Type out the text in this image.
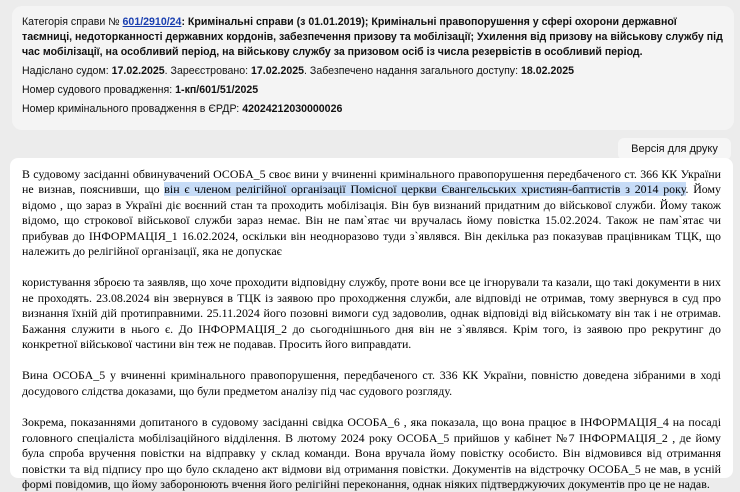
Категорія справи № 601/2910/24: Кримінальні справи (з 01.01.2019); Кримінальні правопорушення у сфері охорони державної таємниці, недоторканності державних кордонів, забезпечення призову та мобілізації; Ухилення від призову на військову службу під час мобілізації, на особливий період, на військову службу за призовом осіб із числа резервістів в особливий період.
Надіслано судом: 17.02.2025. Зареєстровано: 17.02.2025. Забезпечено надання загального доступу: 18.02.2025
Номер судового провадження: 1-кп/601/51/2025
Номер кримінального провадження в ЄРДР: 42024212030000026
Версія для друку

В судовому засіданні обвинувачений ОСОБА_5 своє вини у вчиненні кримінального правопорушення передбаченого ст. 366 КК України не визнав, пояснивши, що він є членом релігійної організації Помісної церкви Євангельських християн-баптистів з 2014 року. Йому відомо , що зараз в Україні діє воєнний стан та проходить мобілізація. Він був визнаний придатним до військової служби. Йому також відомо, що строкової військової служби зараз немає. Він не пам`ятає чи вручалась йому повістка 15.02.2024. Також не пам`ятає чи прибував до ІНФОРМАЦІЯ_1 16.02.2024, оскільки він неодноразово туди з`являвся. Він декілька раз показував працівникам ТЦК, що належить до релігійної організації, яка не допускає

користування зброєю та заявляв, що хоче проходити відповідну службу, проте вони все це ігнорували та казали, що такі документи в них не проходять. 23.08.2024 він звернувся в ТЦК із заявою про проходження служби, але відповіді не отримав, тому звернувся в суд про визнання їхній дій протиправними. 25.11.2024 його позовні вимоги суд задоволив, однак відповіді від військомату він так і не отримав. Бажання служити в нього є. До ІНФОРМАЦІЯ_2 до сьогоднішнього дня він не з`являвся. Крім того, із заявою про рекрутинг до конкретної військової частини він теж не подавав. Просить його виправдати.

Вина ОСОБА_5 у вчиненні кримінального правопорушення, передбаченого ст. 336 КК України, повністю доведена зібраними в ході досудового слідства доказами, що були предметом аналізу під час судового розгляду.

Зокрема, показаннями допитаного в судовому засіданні свідка ОСОБА_6 , яка показала, що вона працює в ІНФОРМАЦІЯ_4 на посаді головного спеціаліста мобілізаційного відділення. В лютому 2024 року ОСОБА_5 прийшов у кабінет №7 ІНФОРМАЦІЯ_2 , де йому була спроба вручення повістки на відправку у склад команди. Вона вручала йому повістку особисто. Він відмовився від отримання повістки та від підпису про що було складено акт відмови від отримання повістки. Документів на відстрочку ОСОБА_5 не мав, в усній формі повідомив, що йому заборонюють вчення його релігійні переконання, однак ніяких підтверджуючих документів про це не надав.
